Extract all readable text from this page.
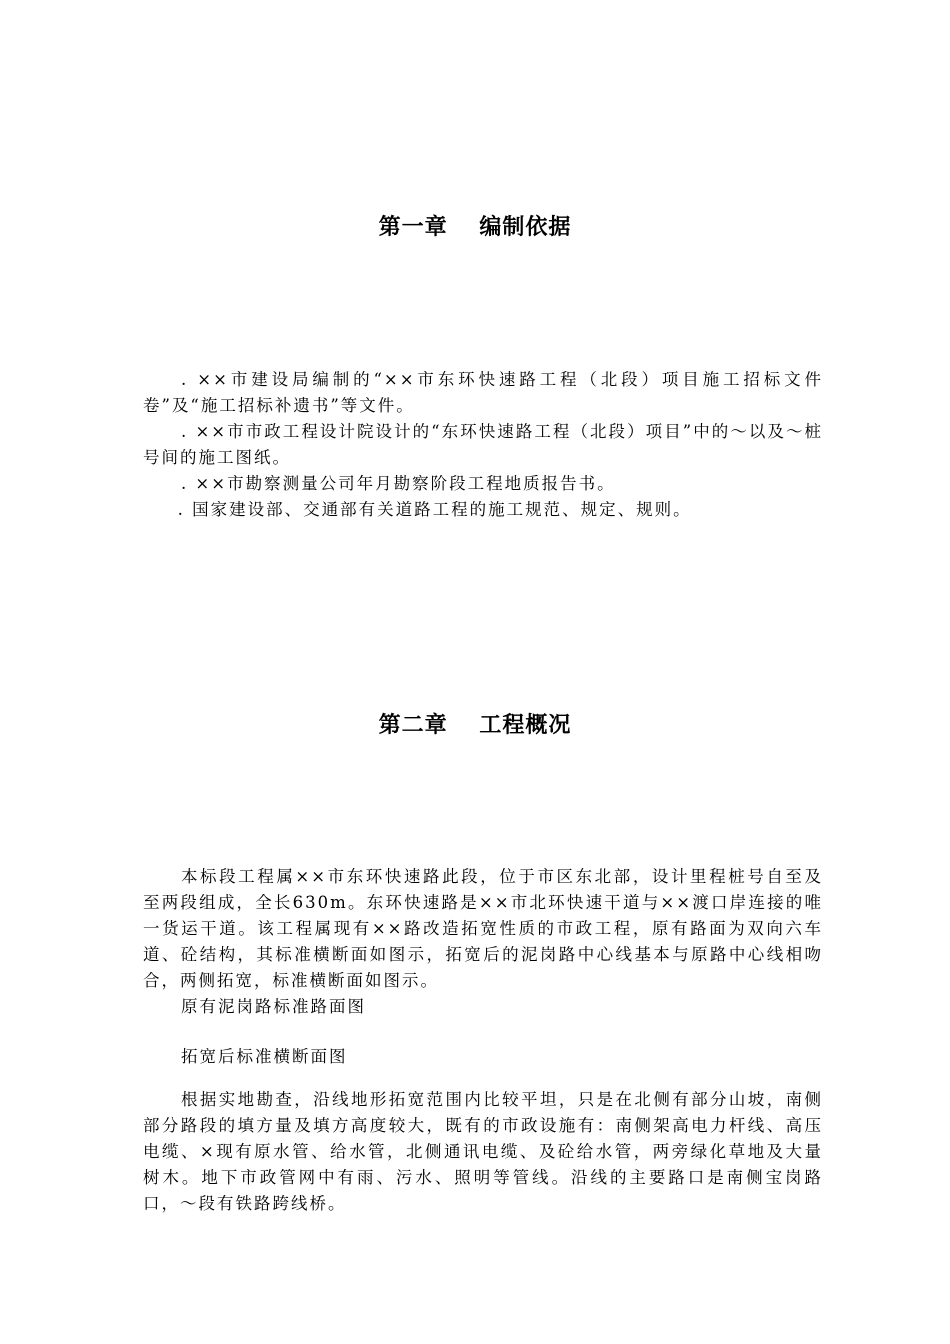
第一章　 编制依据

. ××市建设局编制的“××市东环快速路工程（北段）项目施工招标文件卷”及“施工招标补遗书”等文件。

. ××市市政工程设计院设计的“东环快速路工程（北段）项目”中的～以及～桩号间的施工图纸。

. ××市勘察测量公司年月勘察阶段工程地质报告书。

. 国家建设部、交通部有关道路工程的施工规范、规定、规则。

第二章　 工程概况

本标段工程属××市东环快速路此段，位于市区东北部，设计里程桩号自至及至两段组成，全长630m。东环快速路是××市北环快速干道与××渡口岸连接的唯一货运干道。该工程属现有××路改造拓宽性质的市政工程，原有路面为双向六车道、砼结构，其标准横断面如图示，拓宽后的泥岗路中心线基本与原路中心线相吻合，两侧拓宽，标准横断面如图示。

原有泥岗路标准路面图

拓宽后标准横断面图

根据实地勘查，沿线地形拓宽范围内比较平坦，只是在北侧有部分山坡，南侧部分路段的填方量及填方高度较大，既有的市政设施有：南侧架高电力杆线、高压电缆、×现有原水管、给水管，北侧通讯电缆、及砼给水管，两旁绿化草地及大量树木。地下市政管网中有雨、污水、照明等管线。沿线的主要路口是南侧宝岗路口，～段有铁路跨线桥。
